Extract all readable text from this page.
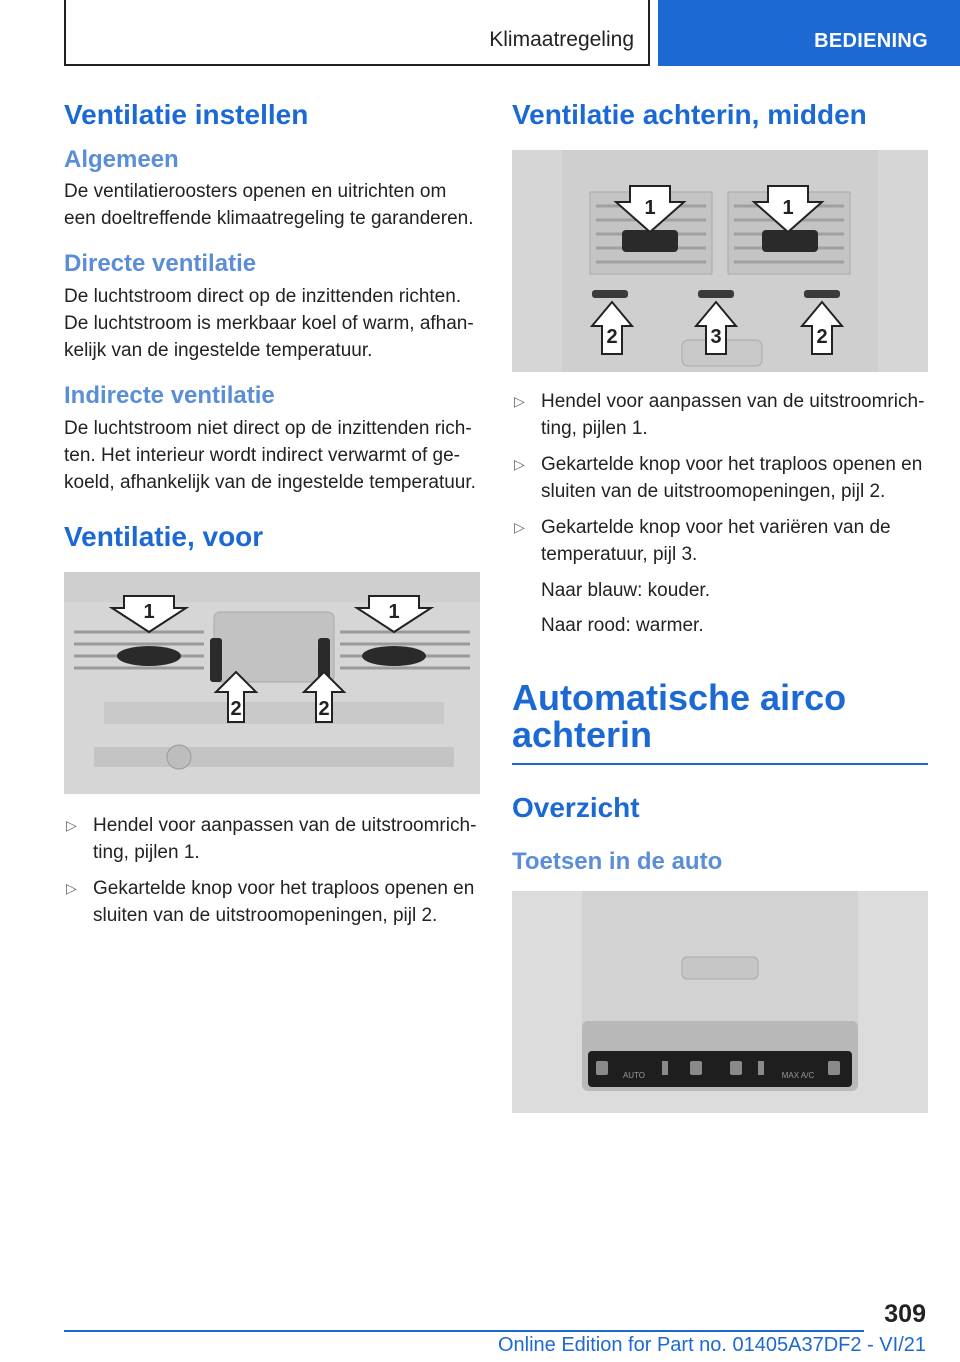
Klimaatregeling	BEDIENING
Ventilatie instellen
Algemeen

De ventilatieroosters openen en uitrichten om een doeltreffende klimaatregeling te garanderen.

Directe ventilatie

De luchtstroom direct op de inzittenden richten. De luchtstroom is merkbaar koel of warm, afhankelijk van de ingestelde temperatuur.

Indirecte ventilatie

De luchtstroom niet direct op de inzittenden richten. Het interieur wordt indirect verwarmt of gekoeld, afhankelijk van de ingestelde temperatuur.

Ventilatie, voor
1	1
2	2
▷ Hendel voor aanpassen van de uitstroomrichting, pijlen 1.
▷ Gekartelde knop voor het traploos openen en sluiten van de uitstroomopeningen, pijl 2.
Ventilatie achterin, midden
1	1
2	3	2
▷ Hendel voor aanpassen van de uitstroomrichting, pijlen 1.
▷ Gekartelde knop voor het traploos openen en sluiten van de uitstroomopeningen, pijl 2.
▷ Gekartelde knop voor het variëren van de temperatuur, pijl 3.
Naar blauw: kouder.
Naar rood: warmer.
Automatische airco
achterin
Overzicht
Toetsen in de auto
AUTO	MAX A/C
309
Online Edition for Part no. 01405A37DF2 - VI/21
